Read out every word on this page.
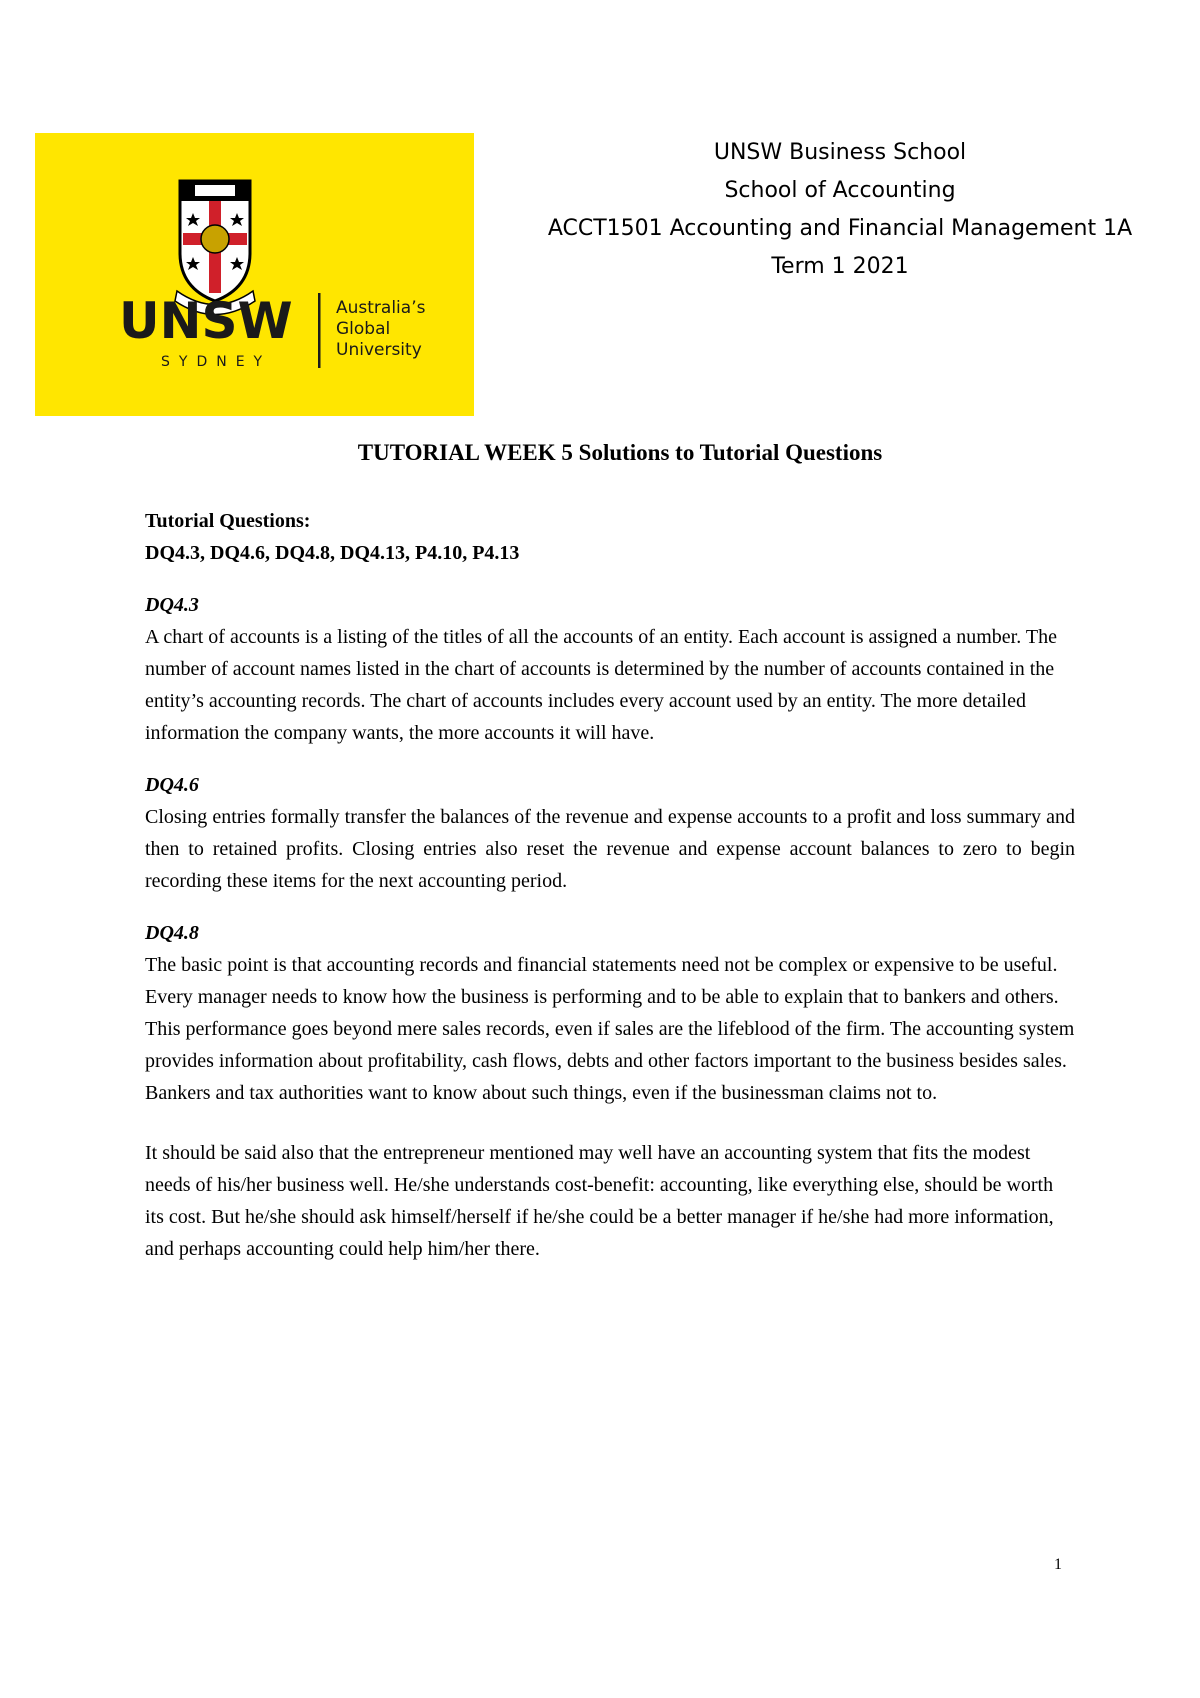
UNSW
SYDNEY
Australia’s
Global
University
UNSW Business School
School of Accounting
ACCT1501 Accounting and Financial Management 1A
Term 1 2021
TUTORIAL WEEK 5 Solutions to Tutorial Questions

Tutorial Questions:

DQ4.3, DQ4.6, DQ4.8, DQ4.13, P4.10, P4.13

DQ4.3

A chart of accounts is a listing of the titles of all the accounts of an entity. Each account is assigned a number. The number of account names listed in the chart of accounts is determined by the number of accounts contained in the entity’s accounting records. The chart of accounts includes every account used by an entity. The more detailed information the company wants, the more accounts it will have.

DQ4.6

Closing entries formally transfer the balances of the revenue and expense accounts to a profit and loss summary and then to retained profits. Closing entries also reset the revenue and expense account balances to zero to begin recording these items for the next accounting period.

DQ4.8

The basic point is that accounting records and financial statements need not be complex or expensive to be useful. Every manager needs to know how the business is performing and to be able to explain that to bankers and others. This performance goes beyond mere sales records, even if sales are the lifeblood of the firm. The accounting system provides information about profitability, cash flows, debts and other factors important to the business besides sales. Bankers and tax authorities want to know about such things, even if the businessman claims not to.

It should be said also that the entrepreneur mentioned may well have an accounting system that fits the modest needs of his/her business well. He/she understands cost-benefit: accounting, like everything else, should be worth its cost. But he/she should ask himself/herself if he/she could be a better manager if he/she had more information, and perhaps accounting could help him/her there.

1
